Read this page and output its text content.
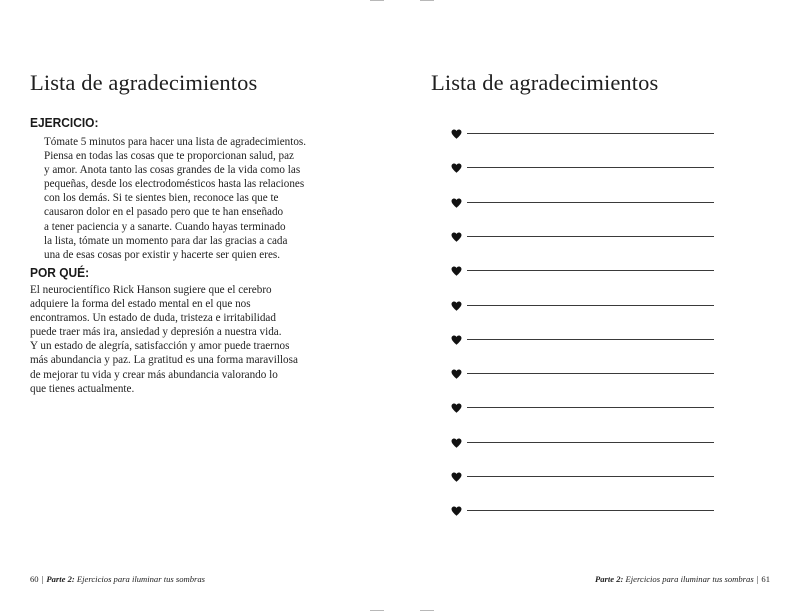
Lista de agradecimientos
EJERCICIO:

Tómate 5 minutos para hacer una lista de agradecimientos.
Piensa en todas las cosas que te proporcionan salud, paz
y amor. Anota tanto las cosas grandes de la vida como las
pequeñas, desde los electrodomésticos hasta las relaciones
con los demás. Si te sientes bien, reconoce las que te
causaron dolor en el pasado pero que te han enseñado
a tener paciencia y a sanarte. Cuando hayas terminado
la lista, tómate un momento para dar las gracias a cada
una de esas cosas por existir y hacerte ser quien eres.

POR QUÉ:

El neurocientífico Rick Hanson sugiere que el cerebro
adquiere la forma del estado mental en el que nos
encontramos. Un estado de duda, tristeza e irritabilidad
puede traer más ira, ansiedad y depresión a nuestra vida.
Y un estado de alegría, satisfacción y amor puede traernos
más abundancia y paz. La gratitud es una forma maravillosa
de mejorar tu vida y crear más abundancia valorando lo
que tienes actualmente.

60 | Parte 2: Ejercicios para iluminar tus sombras
Lista de agradecimientos
Parte 2: Ejercicios para iluminar tus sombras | 61
